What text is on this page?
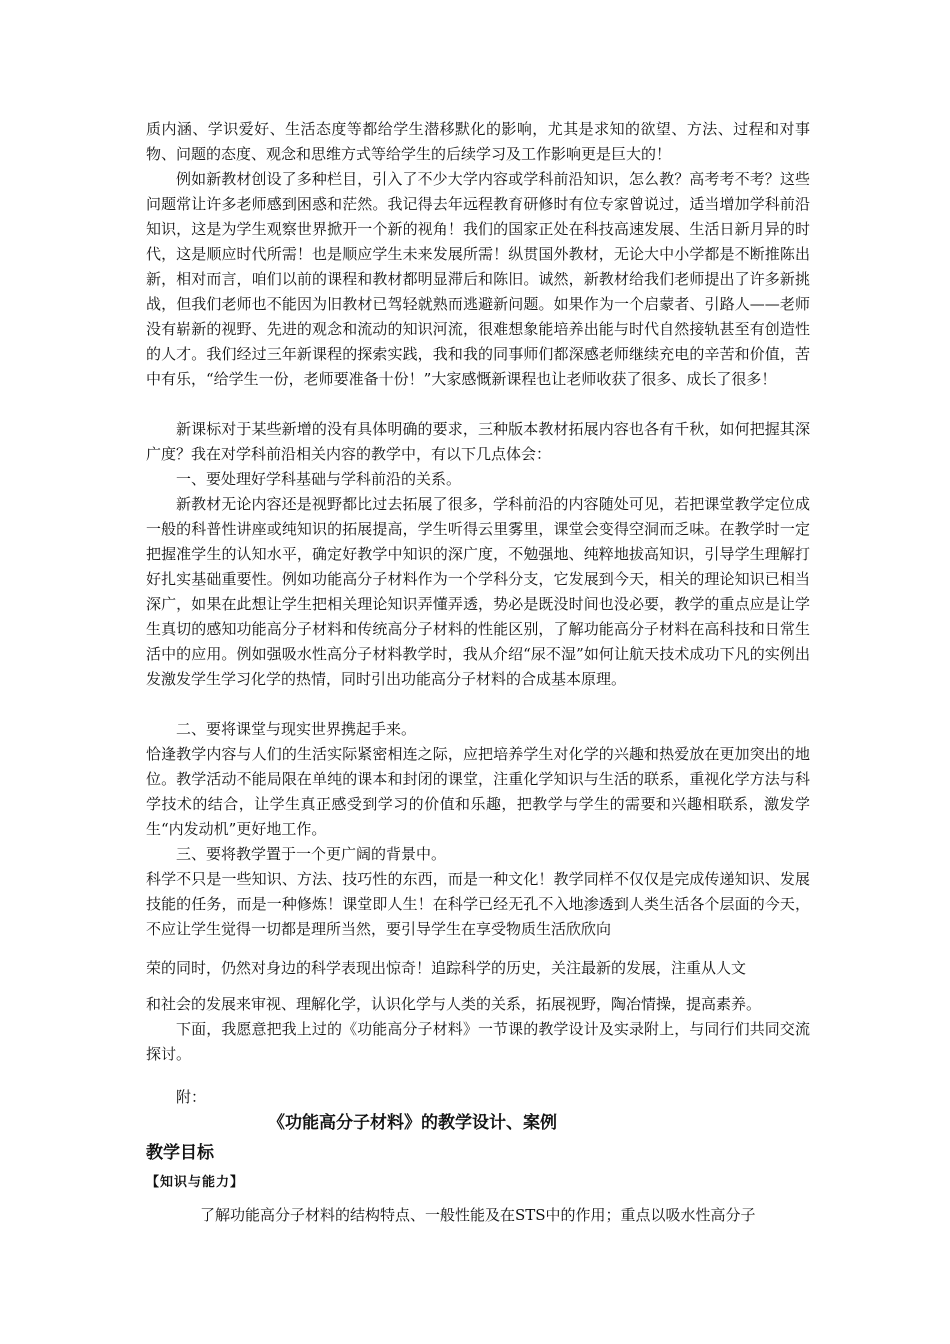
质内涵、学识爱好、生活态度等都给学生潜移默化的影响，尤其是求知的欲望、方法、过程和对事物、问题的态度、观念和思维方式等给学生的后续学习及工作影响更是巨大的！

例如新教材创设了多种栏目，引入了不少大学内容或学科前沿知识，怎么教？高考考不考？这些问题常让许多老师感到困惑和茫然。我记得去年远程教育研修时有位专家曾说过，适当增加学科前沿知识，这是为学生观察世界掀开一个新的视角！我们的国家正处在科技高速发展、生活日新月异的时代，这是顺应时代所需！也是顺应学生未来发展所需！纵贯国外教材，无论大中小学都是不断推陈出新，相对而言，咱们以前的课程和教材都明显滞后和陈旧。诚然，新教材给我们老师提出了许多新挑战，但我们老师也不能因为旧教材已驾轻就熟而逃避新问题。如果作为一个启蒙者、引路人——老师没有崭新的视野、先进的观念和流动的知识河流，很难想象能培养出能与时代自然接轨甚至有创造性的人才。我们经过三年新课程的探索实践，我和我的同事师们都深感老师继续充电的辛苦和价值，苦中有乐，“给学生一份，老师要准备十份！”大家感慨新课程也让老师收获了很多、成长了很多！

新课标对于某些新增的没有具体明确的要求，三种版本教材拓展内容也各有千秋，如何把握其深广度？我在对学科前沿相关内容的教学中，有以下几点体会：

一、要处理好学科基础与学科前沿的关系。

新教材无论内容还是视野都比过去拓展了很多，学科前沿的内容随处可见，若把课堂教学定位成一般的科普性讲座或纯知识的拓展提高，学生听得云里雾里，课堂会变得空洞而乏味。在教学时一定把握准学生的认知水平，确定好教学中知识的深广度，不勉强地、纯粹地拔高知识，引导学生理解打好扎实基础重要性。例如功能高分子材料作为一个学科分支，它发展到今天，相关的理论知识已相当深广，如果在此想让学生把相关理论知识弄懂弄透，势必是既没时间也没必要，教学的重点应是让学生真切的感知功能高分子材料和传统高分子材料的性能区别，了解功能高分子材料在高科技和日常生活中的应用。例如强吸水性高分子材料教学时，我从介绍“尿不湿”如何让航天技术成功下凡的实例出发激发学生学习化学的热情，同时引出功能高分子材料的合成基本原理。

二、要将课堂与现实世界携起手来。

恰逢教学内容与人们的生活实际紧密相连之际，应把培养学生对化学的兴趣和热爱放在更加突出的地位。教学活动不能局限在单纯的课本和封闭的课堂，注重化学知识与生活的联系，重视化学方法与科学技术的结合，让学生真正感受到学习的价值和乐趣，把教学与学生的需要和兴趣相联系，激发学生“内发动机”更好地工作。

三、要将教学置于一个更广阔的背景中。

科学不只是一些知识、方法、技巧性的东西，而是一种文化！教学同样不仅仅是完成传递知识、发展技能的任务，而是一种修炼！课堂即人生！在科学已经无孔不入地渗透到人类生活各个层面的今天，不应让学生觉得一切都是理所当然，要引导学生在享受物质生活欣欣向

荣的同时，仍然对身边的科学表现出惊奇！追踪科学的历史，关注最新的发展，注重从人文

和社会的发展来审视、理解化学，认识化学与人类的关系，拓展视野，陶冶情操，提高素养。

下面，我愿意把我上过的《功能高分子材料》一节课的教学设计及实录附上，与同行们共同交流探讨。

附：

《功能高分子材料》的教学设计、案例

教学目标

【知识与能力】

了解功能高分子材料的结构特点、一般性能及在STS中的作用；重点以吸水性高分子
